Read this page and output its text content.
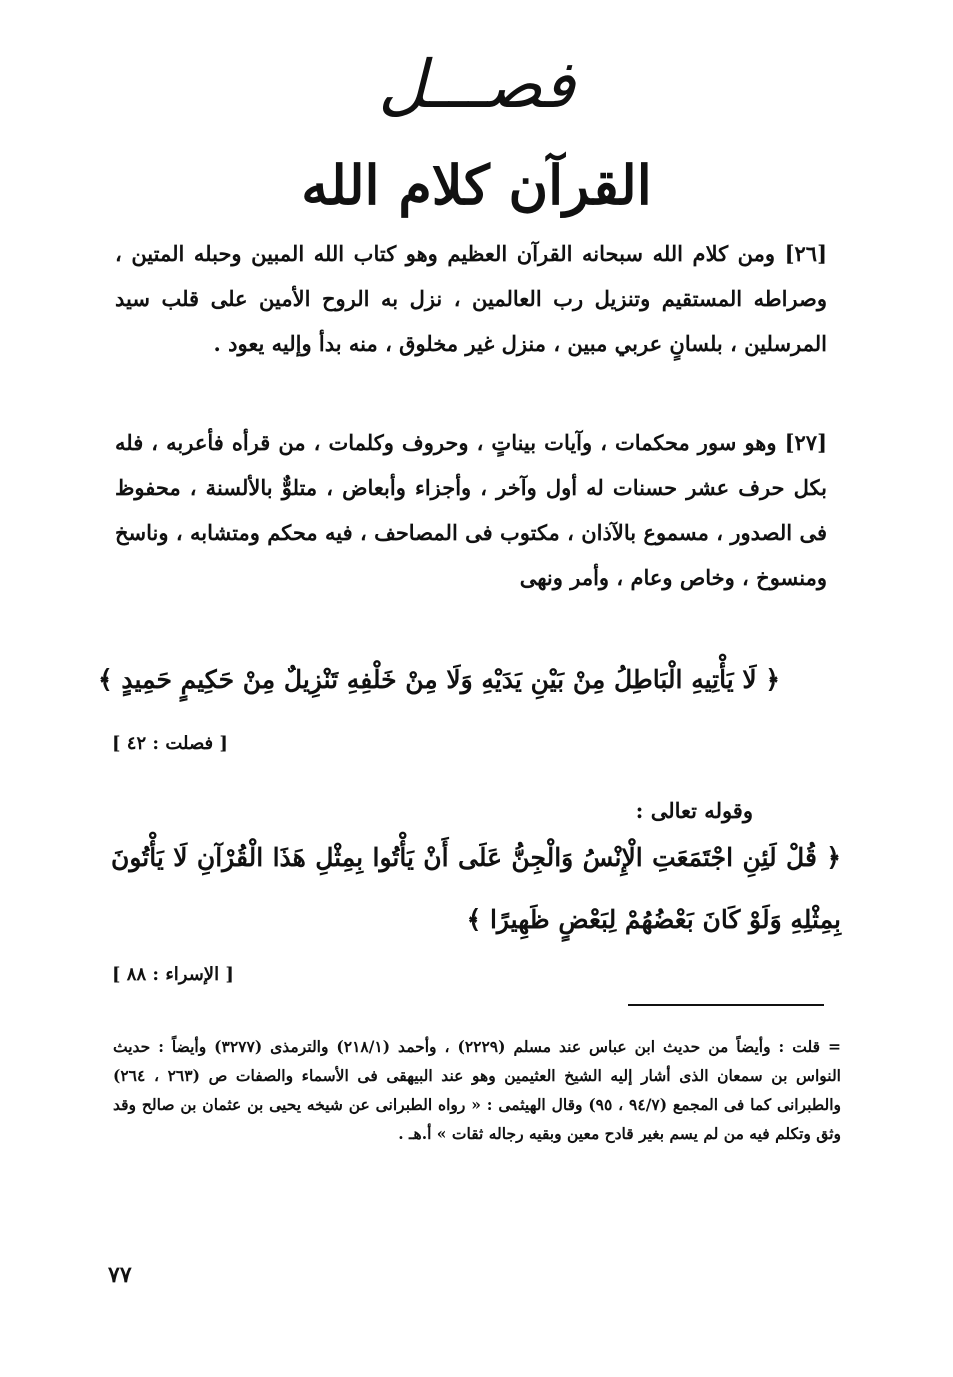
فصـــل
القرآن كلام الله

[٢٦] ومن كلام الله سبحانه القرآن العظيم وهو كتاب الله المبين وحبله المتين ، وصراطه المستقيم وتنزيل رب العالمين ، نزل به الروح الأمين على قلب سيد المرسلين ، بلسانٍ عربي مبين ، منزل غير مخلوق ، منه بدأ وإليه يعود .

[٢٧] وهو سور محكمات ، وآيات بيناتٍ ، وحروف وكلمات ، من قرأه فأعربه ، فله بكل حرف عشر حسنات له أول وآخر ، وأجزاء وأبعاض ، متلوٌّ بالألسنة ، محفوظ فى الصدور ، مسموع بالآذان ، مكتوب فى المصاحف ، فيه محكم ومتشابه ، وناسخ ومنسوخ ، وخاص وعام ، وأمر ونهى

﴿ لَا يَأْتِيهِ الْبَاطِلُ مِنْ بَيْنِ يَدَيْهِ وَلَا مِنْ خَلْفِهِ تَنْزِيلٌ مِنْ حَكِيمٍ حَمِيدٍ ﴾
[ فصلت : ٤٢ ]
وقوله تعالى :
﴿ قُلْ لَئِنِ اجْتَمَعَتِ الْإِنْسُ وَالْجِنُّ عَلَى أَنْ يَأْتُوا بِمِثْلِ هَذَا الْقُرْآنِ لَا يَأْتُونَ بِمِثْلِهِ وَلَوْ كَانَ بَعْضُهُمْ لِبَعْضٍ ظَهِيرًا ﴾
[ الإسراء : ٨٨ ]

= قلت : وأيضاً من حديث ابن عباس عند مسلم (٢٢٢٩) ، وأحمد (٢١٨/١) والترمذى (٣٢٧٧) وأيضاً : حديث النواس بن سمعان الذى أشار إليه الشيخ العثيمين وهو عند البيهقى فى الأسماء والصفات ص (٢٦٣ ، ٢٦٤) والطبرانى كما فى المجمع (٩٤/٧ ، ٩٥) وقال الهيثمى : « رواه الطبرانى عن شيخه يحيى بن عثمان بن صالح وقد وثق وتكلم فيه من لم يسم بغير قادح معين وبقيه رجاله ثقات » أ.هـ .

٧٧
